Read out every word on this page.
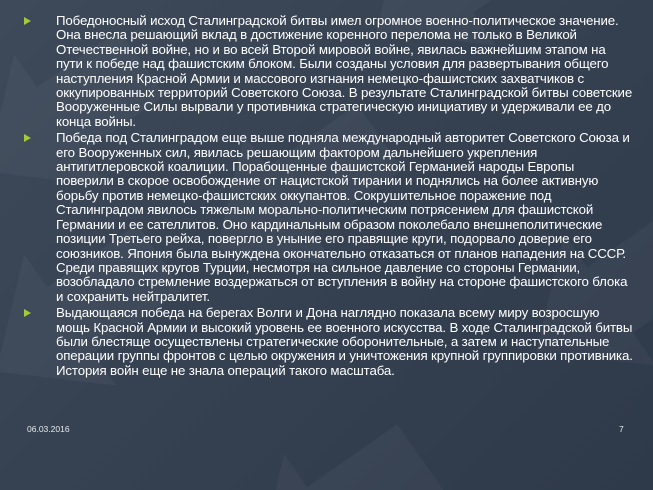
Победоносный исход Сталинградской битвы имел огромное военно-политическое значение. Она внесла решающий вклад в достижение коренного перелома не только в Великой Отечественной войне, но и во всей Второй мировой войне, явилась важнейшим этапом на пути к победе над фашистским блоком. Были созданы условия для развертывания общего наступления Красной Армии и массового изгнания немецко-фашистских захватчиков с оккупированных территорий Советского Союза. В результате Сталинградской битвы советские Вооруженные Силы вырвали у противника стратегическую инициативу и удерживали ее до конца войны.
Победа под Сталинградом еще выше подняла международный авторитет Советского Союза и его Вооруженных сил, явилась решающим фактором дальнейшего укрепления антигитлеровской коалиции. Порабощенные фашистской Германией народы Европы поверили в скорое освобождение от нацистской тирании и поднялись на более активную борьбу против немецко-фашистских оккупантов. Сокрушительное поражение под Сталинградом явилось тяжелым морально-политическим потрясением для фашистской Германии и ее сателлитов. Оно кардинальным образом поколебало внешнеполитические позиции Третьего рейха, повергло в уныние его правящие круги, подорвало доверие его союзников. Япония была вынуждена окончательно отказаться от планов нападения на СССР. Среди правящих кругов Турции, несмотря на сильное давление со стороны Германии, возобладало стремление воздержаться от вступления в войну на стороне фашистского блока и сохранить нейтралитет.
Выдающаяся победа на берегах Волги и Дона наглядно показала всему миру возросшую мощь Красной Армии и высокий уровень ее военного искусства. В ходе Сталинградской битвы были блестяще осуществлены стратегические оборонительные, а затем и наступательные операции группы фронтов с целью окружения и уничтожения крупной группировки противника. История войн еще не знала операций такого масштаба.
06.03.2016	7
